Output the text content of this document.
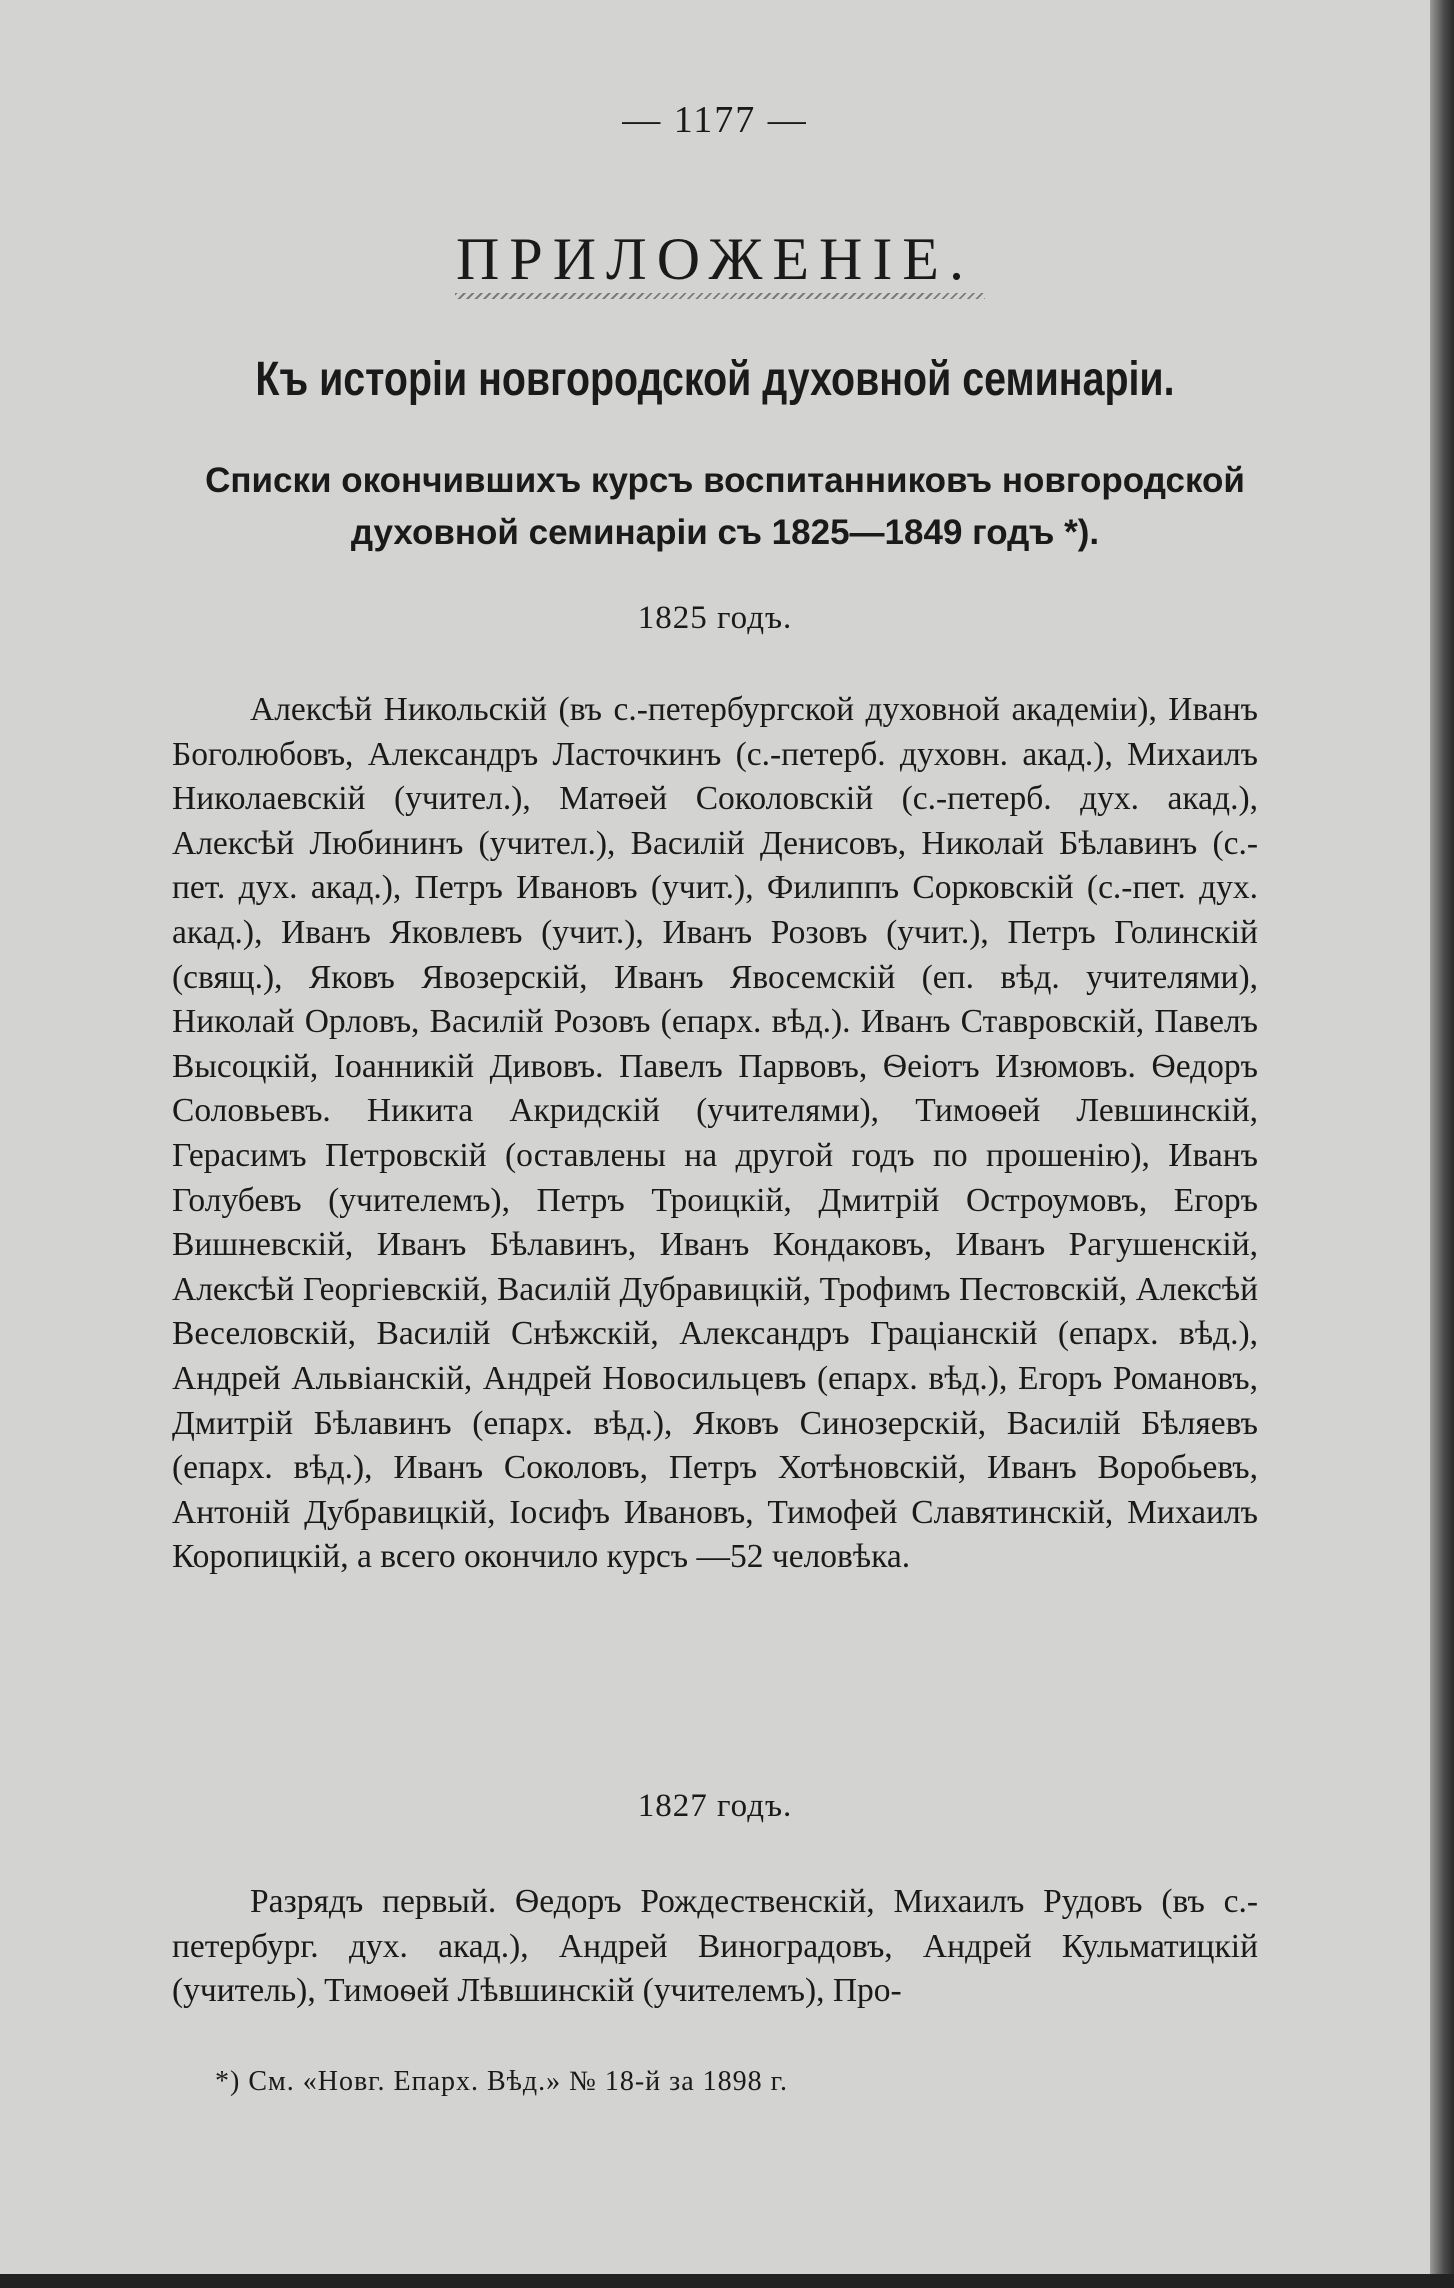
— 1177 —
ПРИЛОЖЕНІЕ.
Къ исторіи новгородской духовной семинаріи.
Списки окончившихъ курсъ воспитанниковъ новгородской духовной семинаріи съ 1825—1849 годъ *).
1825 годъ.
Алексѣй Никольскій (въ с.-петербургской духовной академіи), Иванъ Боголюбовъ, Александръ Ласточкинъ (с.-петерб. духовн. акад.), Михаилъ Николаевскій (учител.), Матѳей Соколовскій (с.-петерб. дух. акад.), Алексѣй Любининъ (учител.), Василій Денисовъ, Николай Бѣлавинъ (с.-пет. дух. акад.), Петръ Ивановъ (учит.), Филиппъ Сорковскій (с.-пет. дух. акад.), Иванъ Яковлевъ (учит.), Иванъ Розовъ (учит.), Петръ Голинскій (свящ.), Яковъ Явозерскій, Иванъ Явосемскій (еп. вѣд. учителями), Николай Орловъ, Василій Розовъ (епарх. вѣд.). Иванъ Ставровскій, Павелъ Высоцкій, Іоанникій Дивовъ. Павелъ Парвовъ, Ѳеіотъ Изюмовъ. Ѳедоръ Соловьевъ. Никита Акридскій (учителями), Тимоѳей Левшинскій, Герасимъ Петровскій (оставлены на другой годъ по прошенію), Иванъ Голубевъ (учителемъ), Петръ Троицкій, Дмитрій Остроумовъ, Егоръ Вишневскій, Иванъ Бѣлавинъ, Иванъ Кондаковъ, Иванъ Рагушенскій, Алексѣй Георгіевскій, Василій Дубравицкій, Трофимъ Пестовскій, Алексѣй Веселовскій, Василій Снѣжскій, Александръ Граціанскій (епарх. вѣд.), Андрей Альвіанскій, Андрей Новосильцевъ (епарх. вѣд.), Егоръ Романовъ, Дмитрій Бѣлавинъ (епарх. вѣд.), Яковъ Синозерскій, Василій Бѣляевъ (епарх. вѣд.), Иванъ Соколовъ, Петръ Хотѣновскій, Иванъ Воробьевъ, Антоній Дубравицкій, Іосифъ Ивановъ, Тимофей Славятинскій, Михаилъ Коропицкій, а всего окончило курсъ —52 человѣка.
1827 годъ.
Разрядъ первый. Ѳедоръ Рождественскій, Михаилъ Рудовъ (въ с.-петербург. дух. акад.), Андрей Виноградовъ, Андрей Кульматицкій (учитель), Тимоѳей Лѣвшинскій (учителемъ), Про-
*) См. «Новг. Епарх. Вѣд.» № 18-й за 1898 г.
